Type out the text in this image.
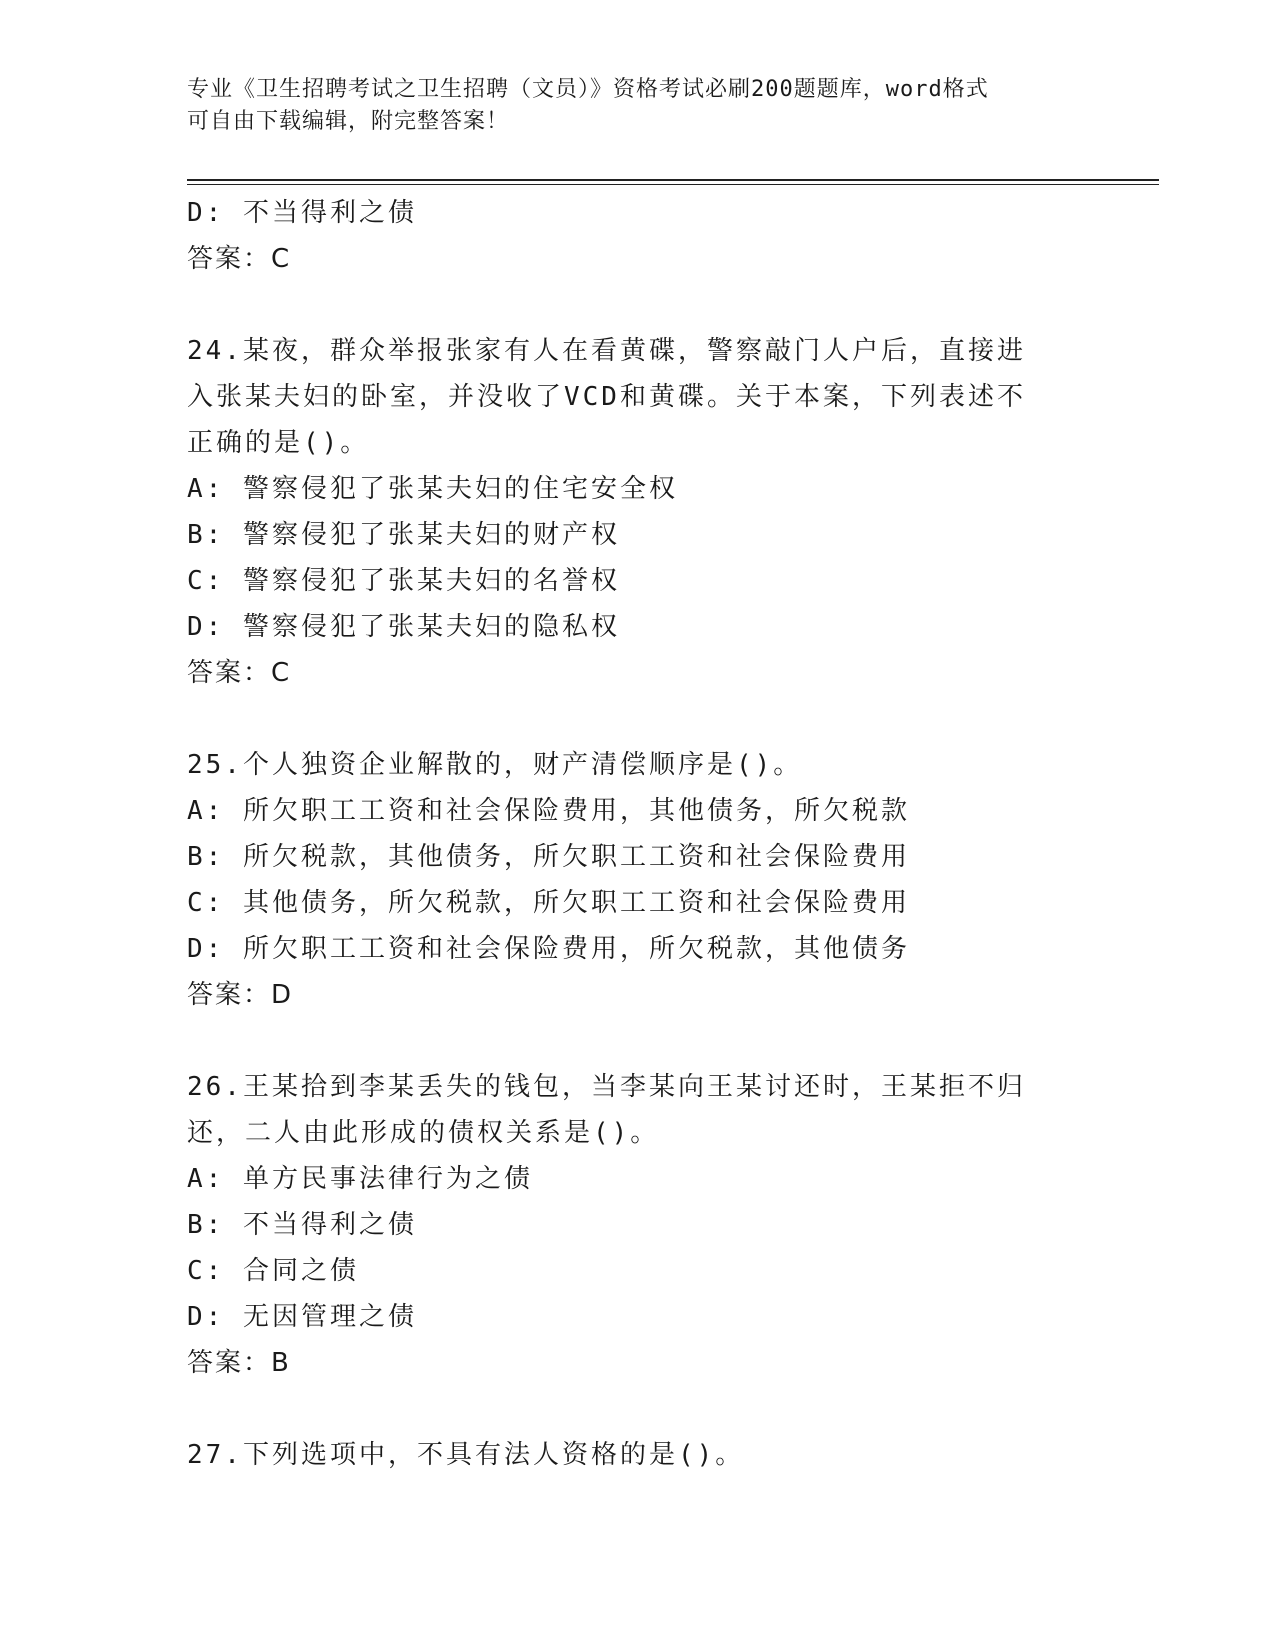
专业《卫生招聘考试之卫生招聘（文员）》资格考试必刷200题题库，word格式
可自由下载编辑，附完整答案！
D: 不当得利之债
答案：C
24.某夜，群众举报张家有人在看黄碟，警察敲门人户后，直接进入张某夫妇的卧室，并没收了VCD和黄碟。关于本案，下列表述不正确的是()。
A: 警察侵犯了张某夫妇的住宅安全权
B: 警察侵犯了张某夫妇的财产权
C: 警察侵犯了张某夫妇的名誉权
D: 警察侵犯了张某夫妇的隐私权
答案：C
25.个人独资企业解散的，财产清偿顺序是()。
A: 所欠职工工资和社会保险费用，其他债务，所欠税款
B: 所欠税款，其他债务，所欠职工工资和社会保险费用
C: 其他债务，所欠税款，所欠职工工资和社会保险费用
D: 所欠职工工资和社会保险费用，所欠税款，其他债务
答案：D
26.王某拾到李某丢失的钱包，当李某向王某讨还时，王某拒不归还，二人由此形成的债权关系是()。
A: 单方民事法律行为之债
B: 不当得利之债
C: 合同之债
D: 无因管理之债
答案：B
27.下列选项中，不具有法人资格的是()。
